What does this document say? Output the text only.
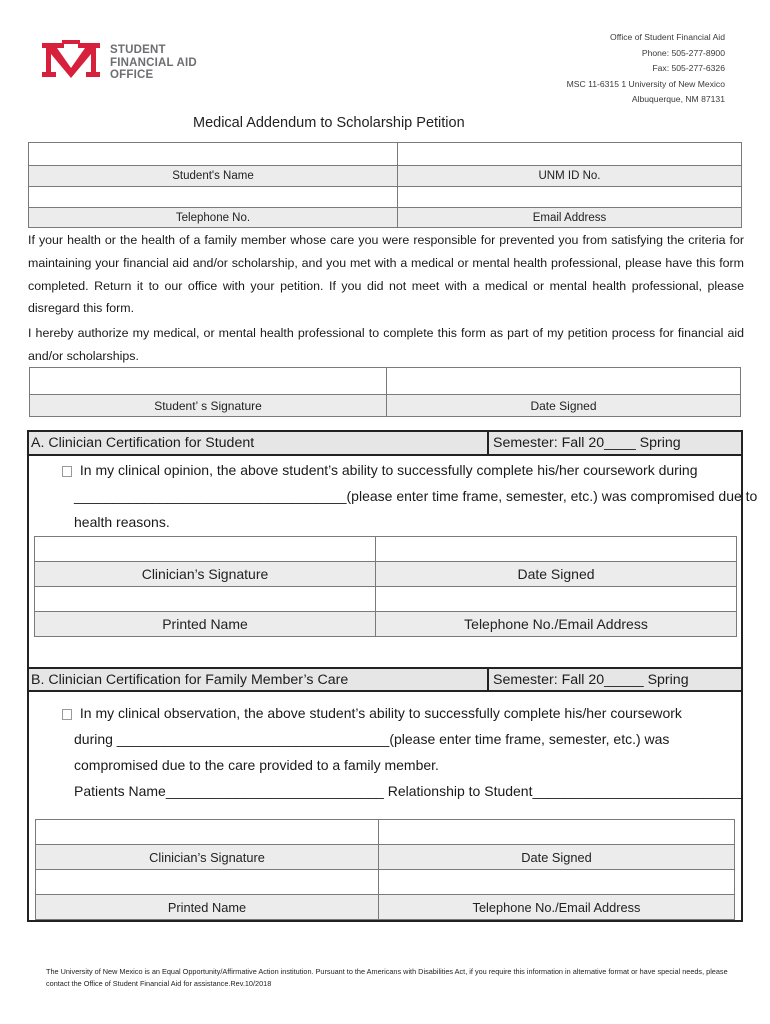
STUDENT
FINANCIAL AID
OFFICE
Office of Student Financial Aid
Phone: 505-277-8900
Fax: 505-277-6326
MSC 11-6315 1 University of New Mexico
Albuquerque, NM 87131
Medical Addendum to Scholarship Petition
Student's Name	UNM ID No.
Telephone No.	Email Address
If your health or the health of a family member whose care you were responsible for prevented you from satisfying the criteria for maintaining your financial aid and/or scholarship, and you met with a medical or mental health professional, please have this form completed. Return it to our office with your petition. If you did not meet with a medical or mental health professional, please disregard this form.
I hereby authorize my medical, or mental health professional to complete this form as part of my petition process for financial aid and/or scholarships.
Student’ s Signature	Date Signed
A. Clinician Certification for Student	Semester: Fall 20____ Spring
In my clinical opinion, the above student’s ability to successfully complete his/her coursework during
___________________________________(please enter time frame, semester, etc.) was compromised due to
health reasons.
Clinician’s Signature	Date Signed
Printed Name	Telephone No./Email Address
B. Clinician Certification for Family Member’s Care	Semester: Fall 20_____ Spring
In my clinical observation, the above student’s ability to successfully complete his/her coursework
during ___________________________________(please enter time frame, semester, etc.) was
compromised due to the care provided to a family member.
Patients Name____________________________ Relationship to Student___________________________
Clinician’s Signature	Date Signed
Printed Name	Telephone No./Email Address
The University of New Mexico is an Equal Opportunity/Affirmative Action institution. Pursuant to the Americans with Disabilities Act, if you require this information in alternative format or have special needs, please contact the Office of Student Financial Aid for assistance.Rev.10/2018
